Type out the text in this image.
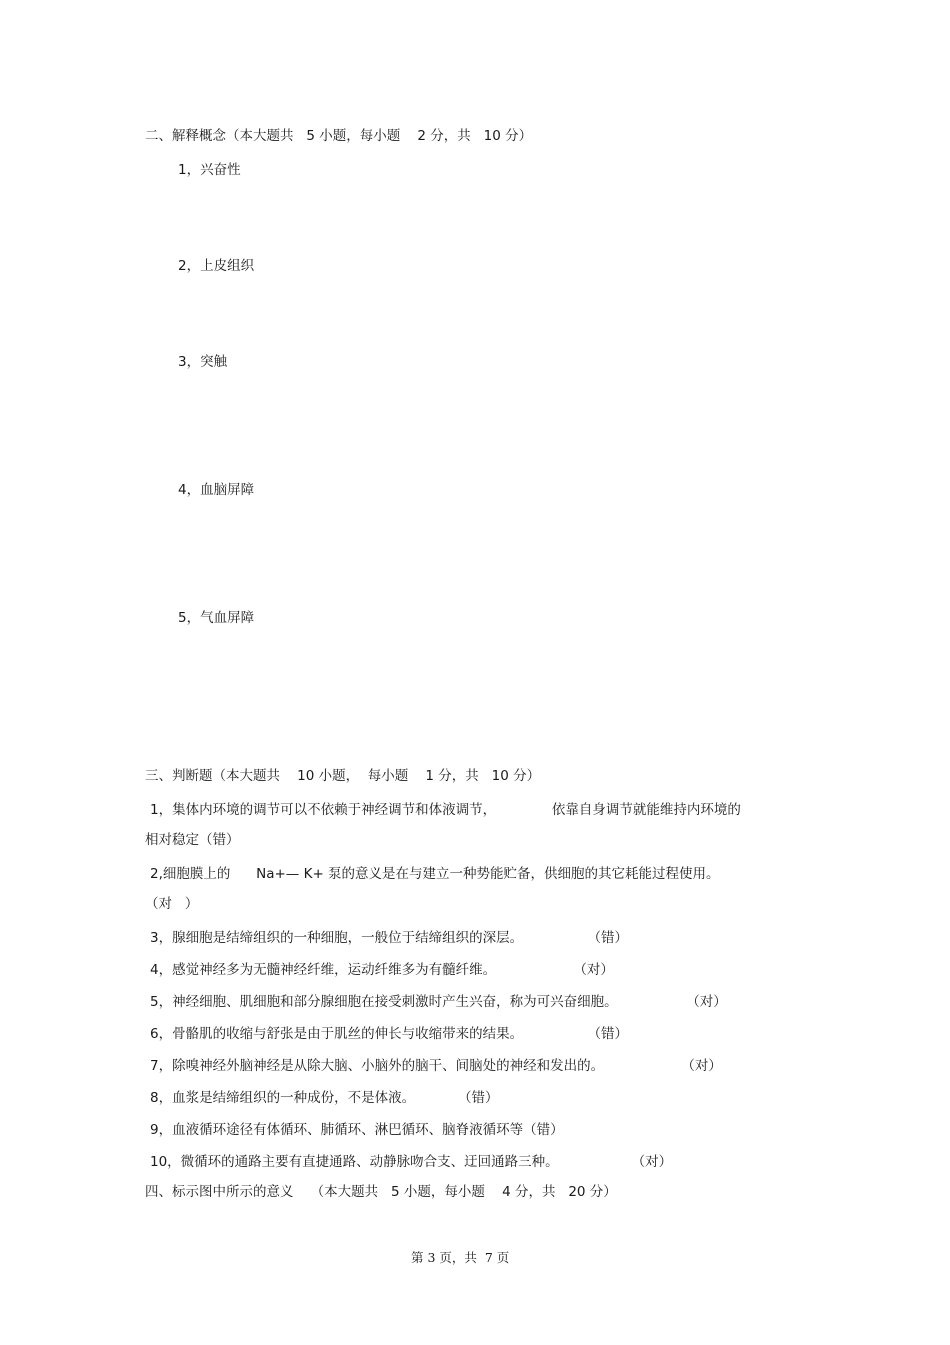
二、解释概念（本大题共   5 小题，每小题    2 分，共   10 分）
1，兴奋性
2，上皮组织
3，突触
4，血脑屏障
5，气血屏障
三、判断题（本大题共    10 小题，  每小题    1 分，共   10 分）
1，集体内环境的调节可以不依赖于神经调节和体液调节，             依靠自身调节就能维持内环境的
相对稳定（错）
2,细胞膜上的      Na+— K+ 泵的意义是在与建立一种势能贮备，供细胞的其它耗能过程使用。
（对   ）
3，腺细胞是结缔组织的一种细胞，一般位于结缔组织的深层。               （错）
4，感觉神经多为无髓神经纤维，运动纤维多为有髓纤维。                  （对）
5，神经细胞、肌细胞和部分腺细胞在接受刺激时产生兴奋，称为可兴奋细胞。                （对）
6，骨骼肌的收缩与舒张是由于肌丝的伸长与收缩带来的结果。               （错）
7，除嗅神经外脑神经是从除大脑、小脑外的脑干、间脑处的神经和发出的。                  （对）
8，血浆是结缔组织的一种成份，不是体液。          （错）
9，血液循环途径有体循环、肺循环、淋巴循环、脑脊液循环等（错）
10，微循环的通路主要有直捷通路、动静脉吻合支、迂回通路三种。                 （对）
四、标示图中所示的意义    （本大题共   5 小题，每小题    4 分，共   20 分）
第 3 页，共  7 页
